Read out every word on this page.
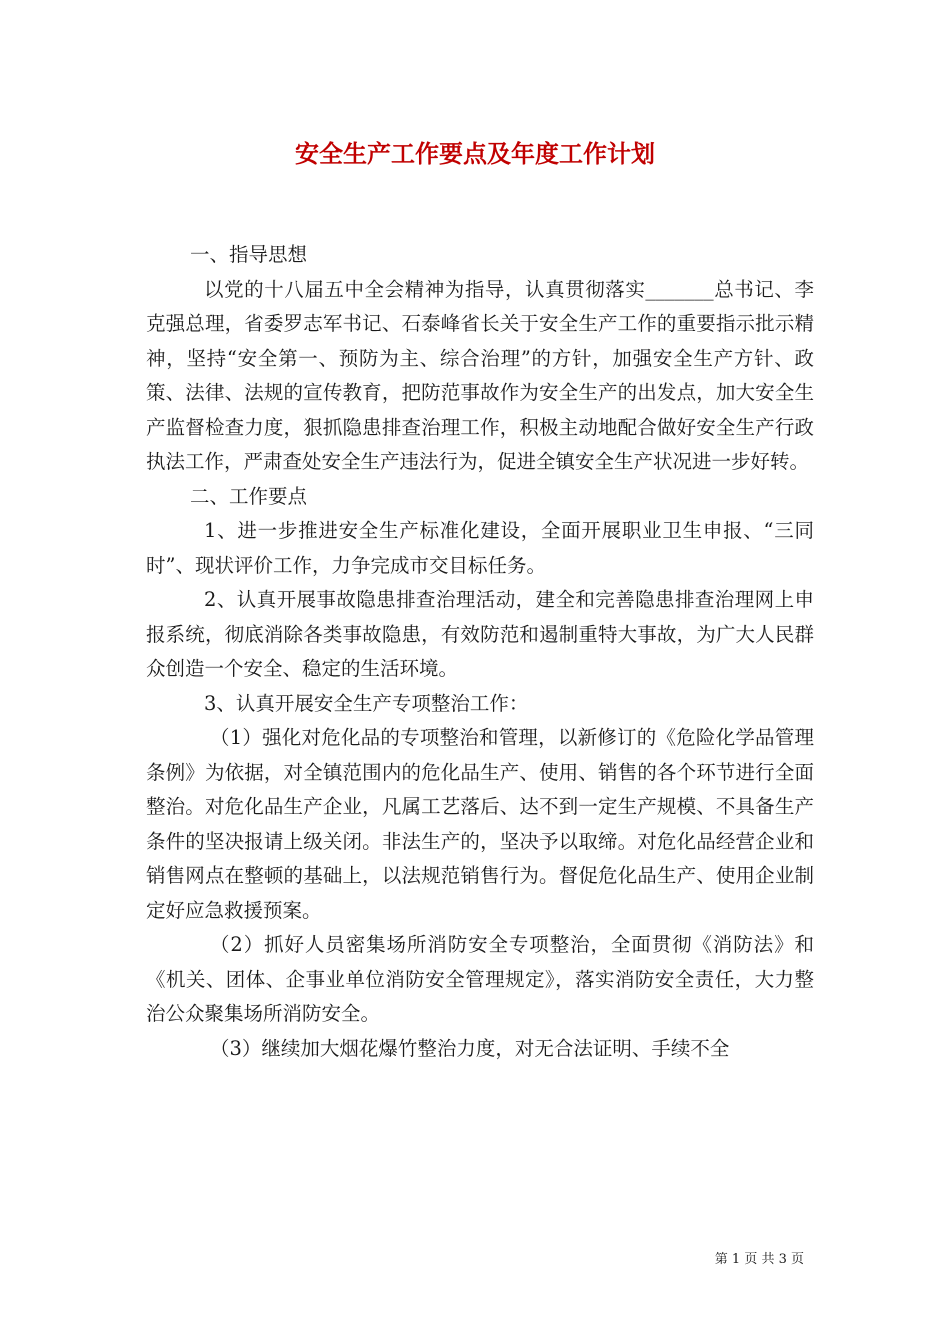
安全生产工作要点及年度工作计划

一、指导思想

以党的十八届五中全会精神为指导，认真贯彻落实_______总书记、李克强总理，省委罗志军书记、石泰峰省长关于安全生产工作的重要指示批示精神，坚持“安全第一、预防为主、综合治理”的方针，加强安全生产方针、政策、法律、法规的宣传教育，把防范事故作为安全生产的出发点，加大安全生产监督检查力度，狠抓隐患排查治理工作，积极主动地配合做好安全生产行政执法工作，严肃查处安全生产违法行为，促进全镇安全生产状况进一步好转。

二、工作要点

1、进一步推进安全生产标准化建设，全面开展职业卫生申报、“三同时”、现状评价工作，力争完成市交目标任务。

2、认真开展事故隐患排查治理活动，建全和完善隐患排查治理网上申报系统，彻底消除各类事故隐患，有效防范和遏制重特大事故，为广大人民群众创造一个安全、稳定的生活环境。

3、认真开展安全生产专项整治工作：

（1）强化对危化品的专项整治和管理，以新修订的《危险化学品管理条例》为依据，对全镇范围内的危化品生产、使用、销售的各个环节进行全面整治。对危化品生产企业，凡属工艺落后、达不到一定生产规模、不具备生产条件的坚决报请上级关闭。非法生产的，坚决予以取缔。对危化品经营企业和销售网点在整顿的基础上，以法规范销售行为。督促危化品生产、使用企业制定好应急救援预案。

（2）抓好人员密集场所消防安全专项整治，全面贯彻《消防法》和《机关、团体、企事业单位消防安全管理规定》，落实消防安全责任，大力整治公众聚集场所消防安全。

（3）继续加大烟花爆竹整治力度，对无合法证明、手续不全

第 1 页 共 3 页
